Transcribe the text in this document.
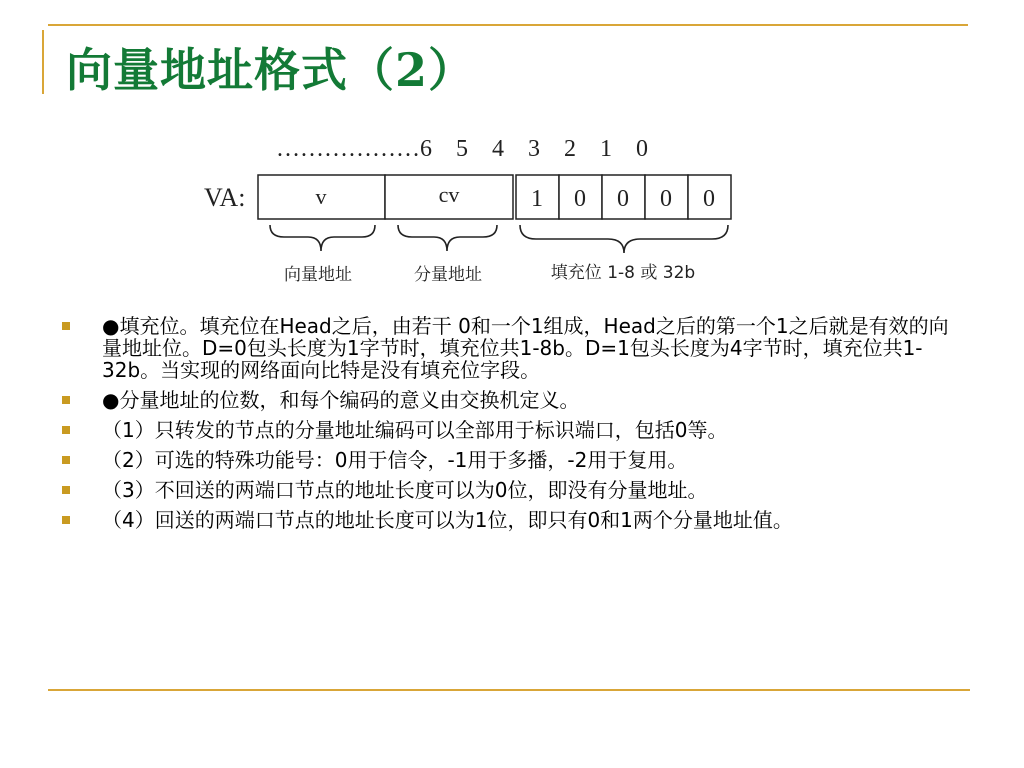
向量地址格式（2）
………………6    5    4    3    2    1    0
VA:	v	cv	1 0 0 0 0
向量地址	分量地址	填充位 1-8 或 32b
●填充位。填充位在Head之后，由若干 0和一个1组成，Head之后的第一个1之后就是有效的向量地址位。D=0包头长度为1字节时，填充位共1-8b。D=1包头长度为4字节时，填充位共1-32b。当实现的网络面向比特是没有填充位字段。
●分量地址的位数，和每个编码的意义由交换机定义。
（1）只转发的节点的分量地址编码可以全部用于标识端口，包括0等。
（2）可选的特殊功能号：0用于信令，-1用于多播，-2用于复用。
（3）不回送的两端口节点的地址长度可以为0位，即没有分量地址。
（4）回送的两端口节点的地址长度可以为1位，即只有0和1两个分量地址值。
